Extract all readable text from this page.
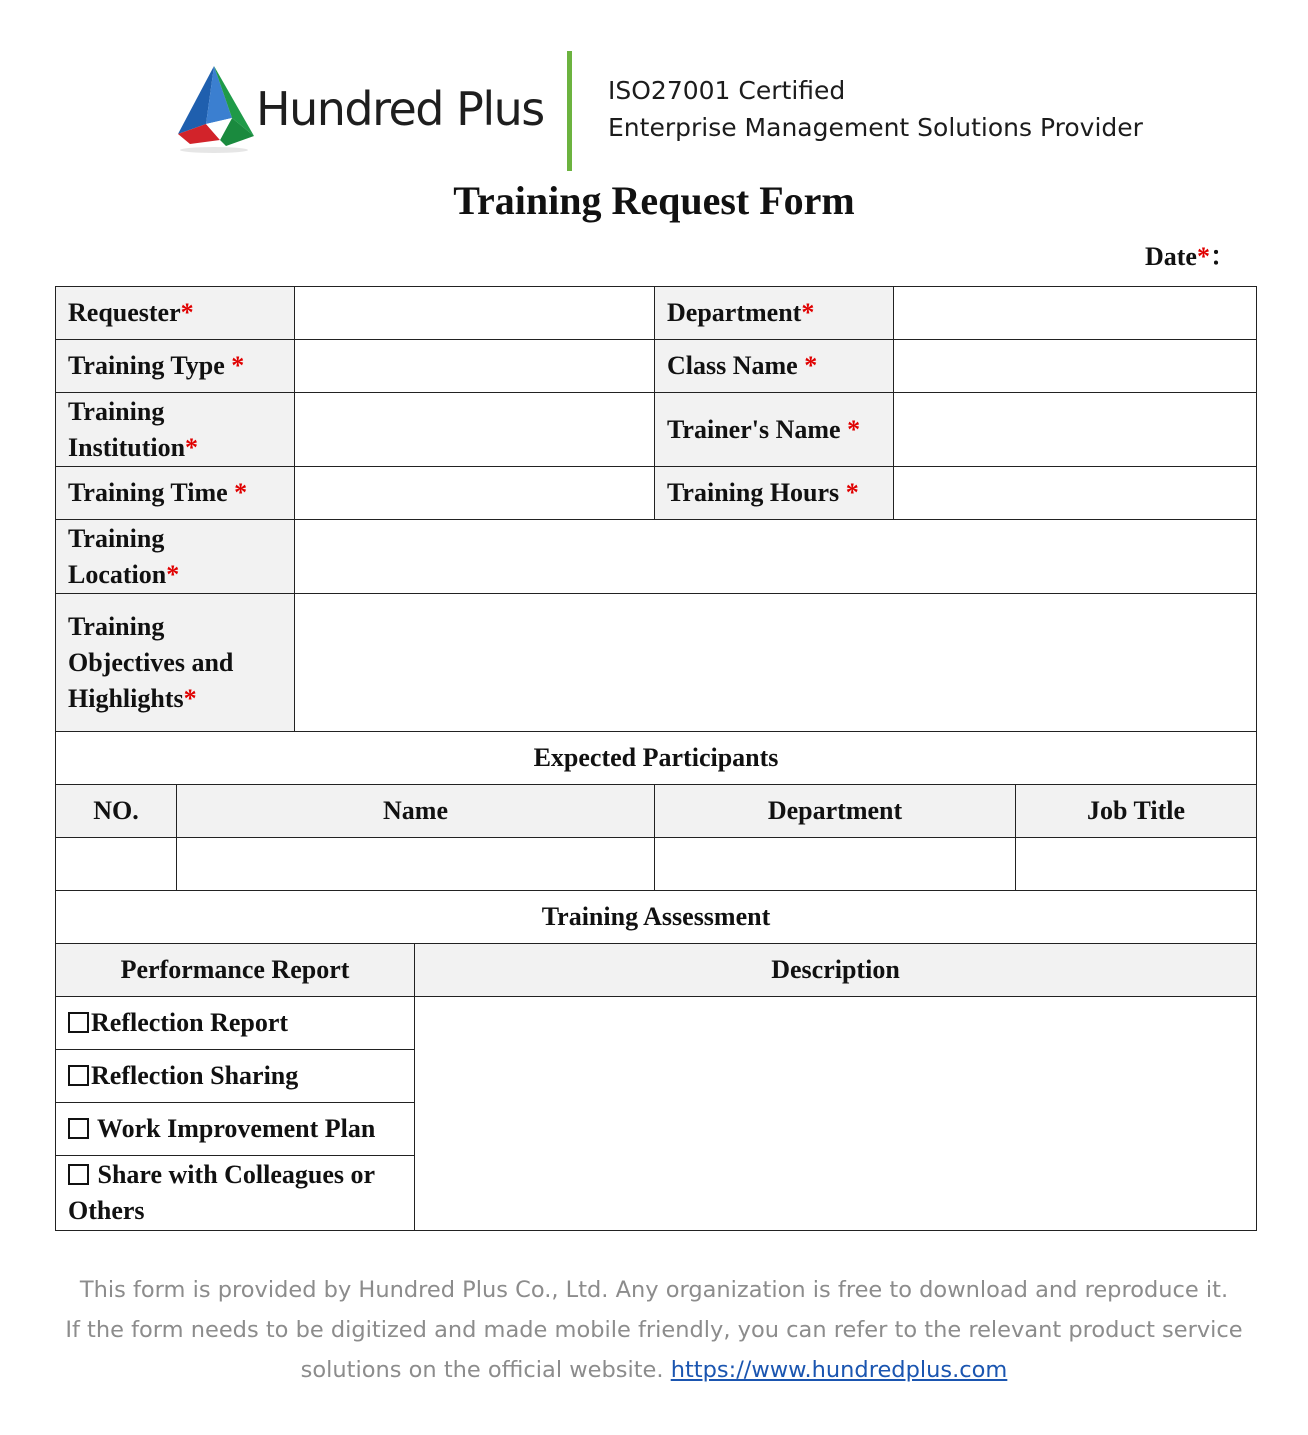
Hundred Plus	ISO27001 Certified
Enterprise Management Solutions Provider
Training Request Form
Date*：
Requester*				Department*		
Training Type *				Class Name *		
Training
Institution*				Trainer's Name *		
Training Time *				Training Hours *		
Training
Location*						
Training
Objectives and
Highlights*						
Expected Participants						
NO.	Name			Department		Job Title

Training Assessment						
Performance Report			Description			
Reflection Report						
Reflection Sharing						
Work Improvement Plan						
Share with Colleagues or
Others						
This form is provided by Hundred Plus Co., Ltd. Any organization is free to download and reproduce it.
If the form needs to be digitized and made mobile friendly, you can refer to the relevant product service
solutions on the official website. https://www.hundredplus.com
